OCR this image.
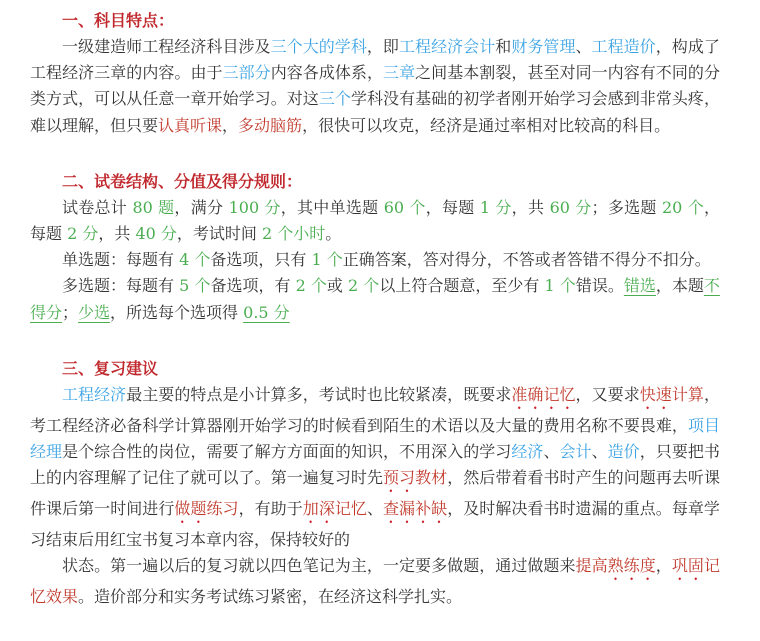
一、科目特点：

一级建造师工程经济科目涉及三个大的学科，即工程经济会计和财务管理、工程造价，构成了工程经济三章的内容。由于三部分内容各成体系，三章之间基本割裂，甚至对同一内容有不同的分类方式，可以从任意一章开始学习。对这三个学科没有基础的初学者刚开始学习会感到非常头疼，难以理解，但只要认真听课，多动脑筋，很快可以攻克，经济是通过率相对比较高的科目。

二、试卷结构、分值及得分规则：

试卷总计 80 题，满分 100 分，其中单选题 60 个，每题 1 分，共 60 分；多选题 20 个，每题 2 分，共 40 分，考试时间 2 个小时。

单选题：每题有 4 个备选项，只有 1 个正确答案，答对得分，不答或者答错不得分不扣分。

多选题：每题有 5 个备选项，有 2 个或 2 个以上符合题意，至少有 1 个错误。错选，本题不得分；少选，所选每个选项得 0.5 分

三、复习建议

工程经济最主要的特点是小计算多，考试时也比较紧凑，既要求准确记忆，又要求快速计算，考工程经济必备科学计算器刚开始学习的时候看到陌生的术语以及大量的费用名称不要畏难，项目经理是个综合性的岗位，需要了解方方面面的知识，不用深入的学习经济、会计、造价，只要把书上的内容理解了记住了就可以了。第一遍复习时先预习教材，然后带着看书时产生的问题再去听课件课后第一时间进行做题练习，有助于加深记忆、查漏补缺，及时解决看书时遗漏的重点。每章学习结束后用红宝书复习本章内容，保持较好的

状态。第一遍以后的复习就以四色笔记为主，一定要多做题，通过做题来提高熟练度，巩固记忆效果。造价部分和实务考试练习紧密，在经济这科学扎实。
